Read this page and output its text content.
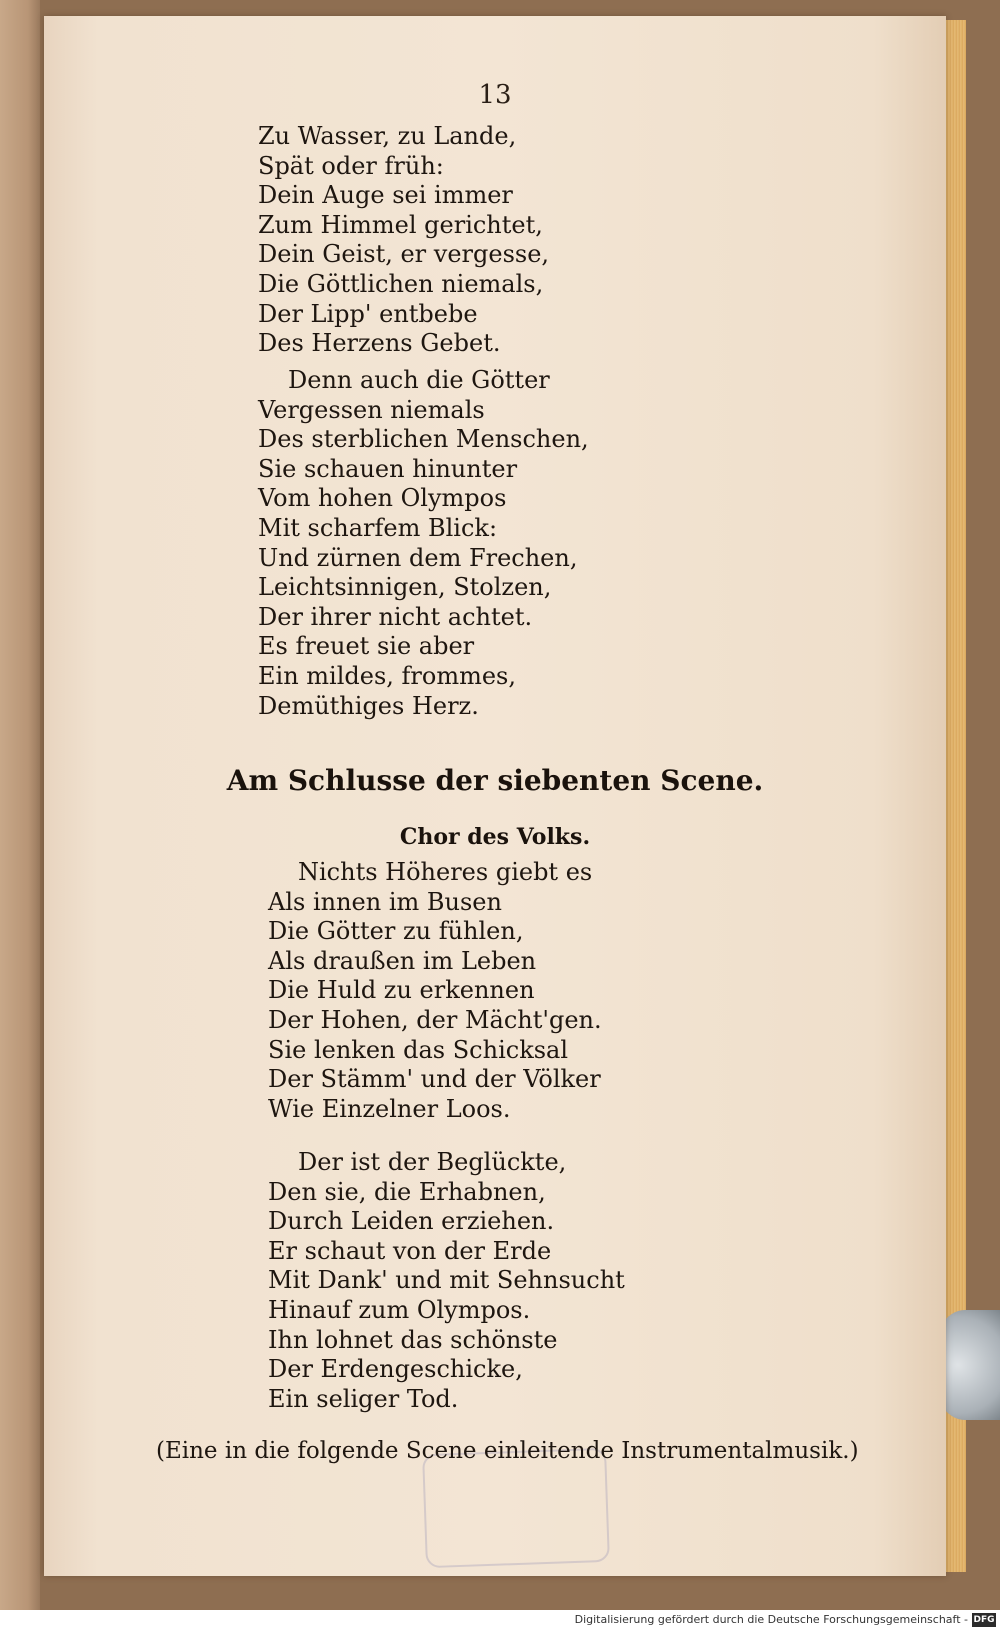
13
Zu Wasser, zu Lande,
Spät oder früh:
Dein Auge sei immer
Zum Himmel gerichtet,
Dein Geist, er vergesse,
Die Göttlichen niemals,
Der Lipp' entbebe
Des Herzens Gebet.
Denn auch die Götter
Vergessen niemals
Des sterblichen Menschen,
Sie schauen hinunter
Vom hohen Olympos
Mit scharfem Blick:
Und zürnen dem Frechen,
Leichtsinnigen, Stolzen,
Der ihrer nicht achtet.
Es freuet sie aber
Ein mildes, frommes,
Demüthiges Herz.
Am Schlusse der siebenten Scene.
Chor des Volks.
Nichts Höheres giebt es
Als innen im Busen
Die Götter zu fühlen,
Als draußen im Leben
Die Huld zu erkennen
Der Hohen, der Mächt'gen.
Sie lenken das Schicksal
Der Stämm' und der Völker
Wie Einzelner Loos.
Der ist der Beglückte,
Den sie, die Erhabnen,
Durch Leiden erziehen.
Er schaut von der Erde
Mit Dank' und mit Sehnsucht
Hinauf zum Olympos.
Ihn lohnet das schönste
Der Erdengeschicke,
Ein seliger Tod.
(Eine in die folgende Scene einleitende Instrumentalmusik.)
Digitalisierung gefördert durch die Deutsche Forschungsgemeinschaft - DFG
